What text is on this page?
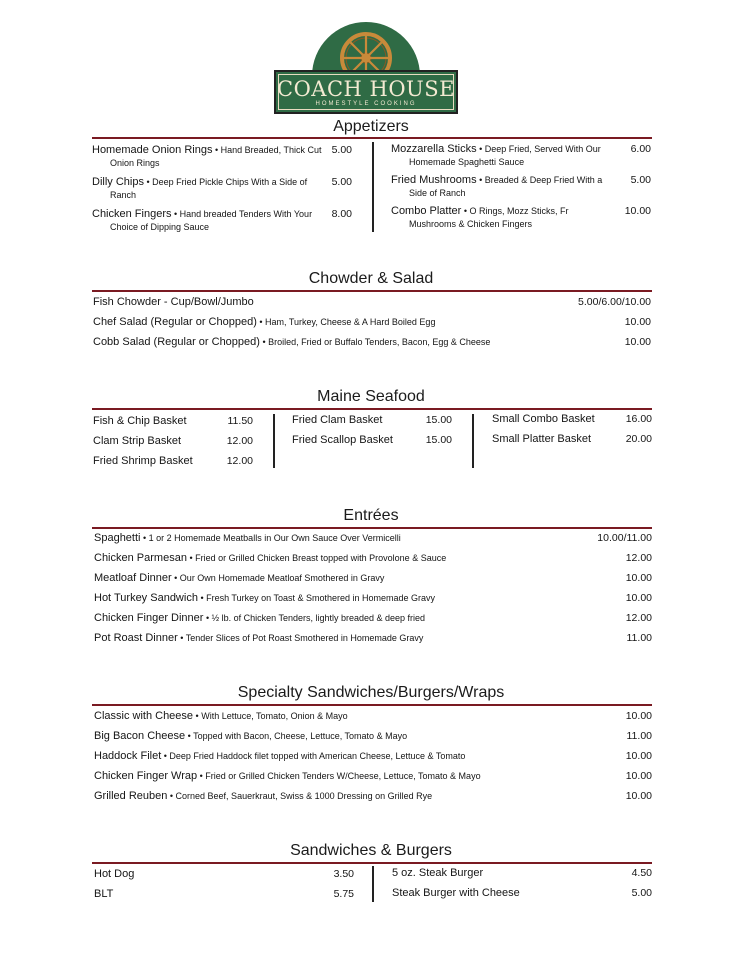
COACH HOUSE
HOMESTYLE COOKING
Appetizers
Chowder & Salad
Maine Seafood
Entrées
Specialty Sandwiches/Burgers/Wraps
Sandwiches & Burgers
Homemade Onion Rings • Hand Breaded, Thick Cut
Onion Rings
5.00
Dilly Chips • Deep Fried Pickle Chips With a Side of
Ranch
5.00
Chicken Fingers • Hand breaded Tenders With Your
Choice of Dipping Sauce
8.00
Mozzarella Sticks • Deep Fried, Served With Our
Homemade Spaghetti Sauce
6.00
Fried Mushrooms • Breaded & Deep Fried With a
Side of Ranch
5.00
Combo Platter • O Rings, Mozz Sticks, Fr
Mushrooms & Chicken Fingers
10.00
Fish Chowder - Cup/Bowl/Jumbo	5.00/6.00/10.00
Chef Salad (Regular or Chopped) • Ham, Turkey, Cheese & A Hard Boiled Egg	10.00
Cobb Salad (Regular or Chopped) • Broiled, Fried or Buffalo Tenders, Bacon, Egg & Cheese	10.00
Fish & Chip Basket	11.50
Clam Strip Basket	12.00
Fried Shrimp Basket	12.00
Fried Clam Basket	15.00
Fried Scallop Basket	15.00
Small Combo Basket	16.00
Small Platter Basket	20.00
Spaghetti • 1 or 2 Homemade Meatballs in Our Own Sauce Over Vermicelli	10.00/11.00
Chicken Parmesan • Fried or Grilled Chicken Breast topped with Provolone & Sauce	12.00
Meatloaf Dinner • Our Own Homemade Meatloaf Smothered in Gravy	10.00
Hot Turkey Sandwich • Fresh Turkey on Toast & Smothered in Homemade Gravy	10.00
Chicken Finger Dinner • ½ lb. of Chicken Tenders, lightly breaded & deep fried	12.00
Pot Roast Dinner • Tender Slices of Pot Roast Smothered in Homemade Gravy	11.00
Classic with Cheese • With Lettuce, Tomato, Onion & Mayo	10.00
Big Bacon Cheese • Topped with Bacon, Cheese, Lettuce, Tomato & Mayo	11.00
Haddock Filet • Deep Fried Haddock filet topped with American Cheese, Lettuce & Tomato	10.00
Chicken Finger Wrap • Fried or Grilled Chicken Tenders W/Cheese, Lettuce, Tomato & Mayo	10.00
Grilled Reuben • Corned Beef, Sauerkraut, Swiss & 1000 Dressing on Grilled Rye	10.00
Hot Dog	3.50
BLT	5.75
5 oz. Steak Burger	4.50
Steak Burger with Cheese	5.00
